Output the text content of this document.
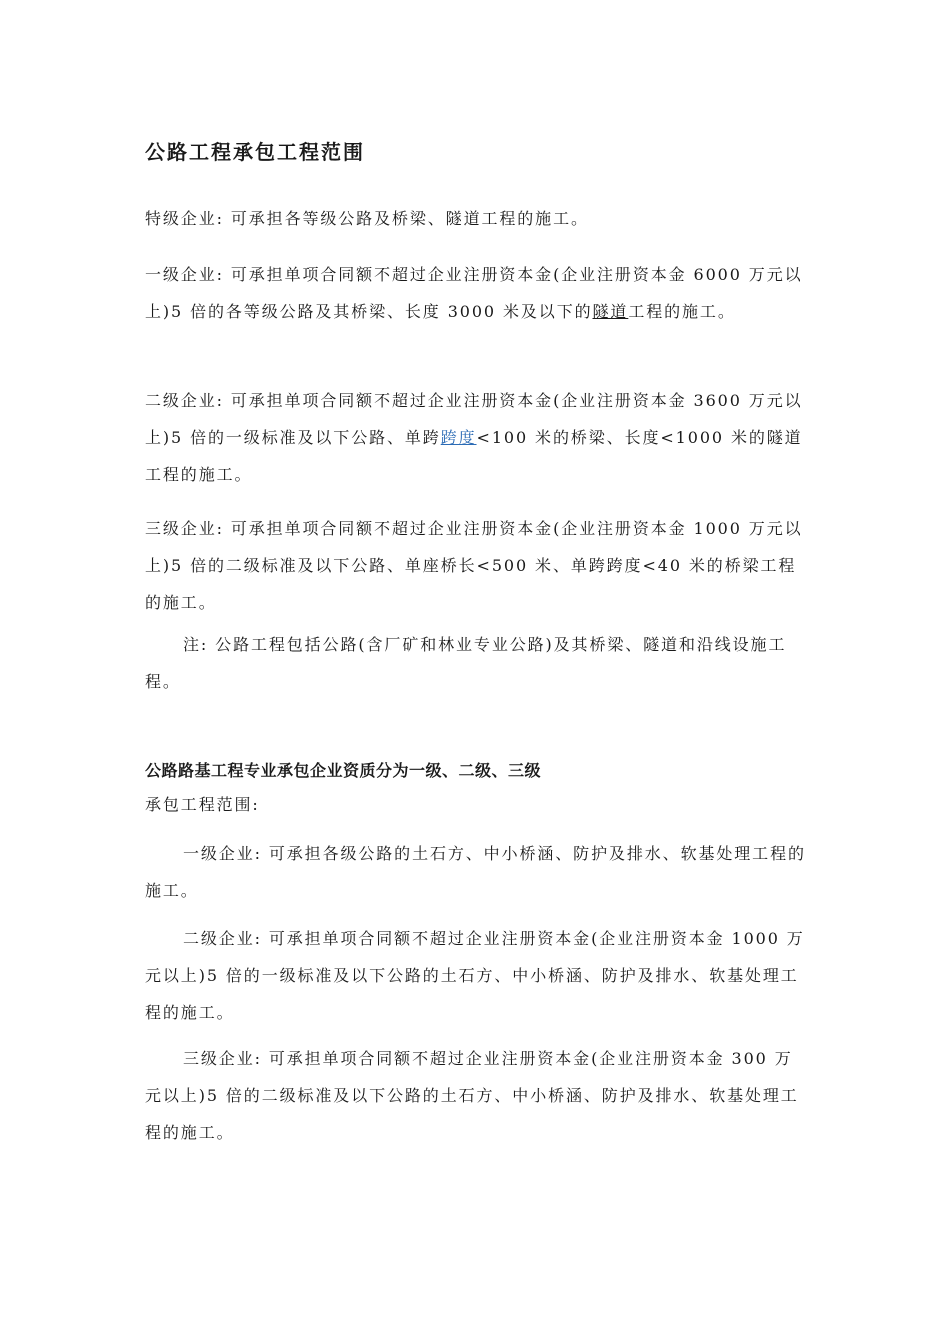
公路工程承包工程范围

特级企业: 可承担各等级公路及桥梁、隧道工程的施工。

一级企业: 可承担单项合同额不超过企业注册资本金(企业注册资本金 6000 万元以上)5 倍的各等级公路及其桥梁、长度 3000 米及以下的隧道工程的施工。

二级企业: 可承担单项合同额不超过企业注册资本金(企业注册资本金 3600 万元以上)5 倍的一级标准及以下公路、单跨跨度<100 米的桥梁、长度<1000 米的隧道工程的施工。

三级企业: 可承担单项合同额不超过企业注册资本金(企业注册资本金 1000 万元以上)5 倍的二级标准及以下公路、单座桥长<500 米、单跨跨度<40 米的桥梁工程的施工。

注: 公路工程包括公路(含厂矿和林业专业公路)及其桥梁、隧道和沿线设施工程。

公路路基工程专业承包企业资质分为一级、二级、三级

承包工程范围:

一级企业: 可承担各级公路的土石方、中小桥涵、防护及排水、软基处理工程的施工。

二级企业: 可承担单项合同额不超过企业注册资本金(企业注册资本金 1000 万元以上)5 倍的一级标准及以下公路的土石方、中小桥涵、防护及排水、软基处理工程的施工。

三级企业: 可承担单项合同额不超过企业注册资本金(企业注册资本金 300 万元以上)5 倍的二级标准及以下公路的土石方、中小桥涵、防护及排水、软基处理工程的施工。
